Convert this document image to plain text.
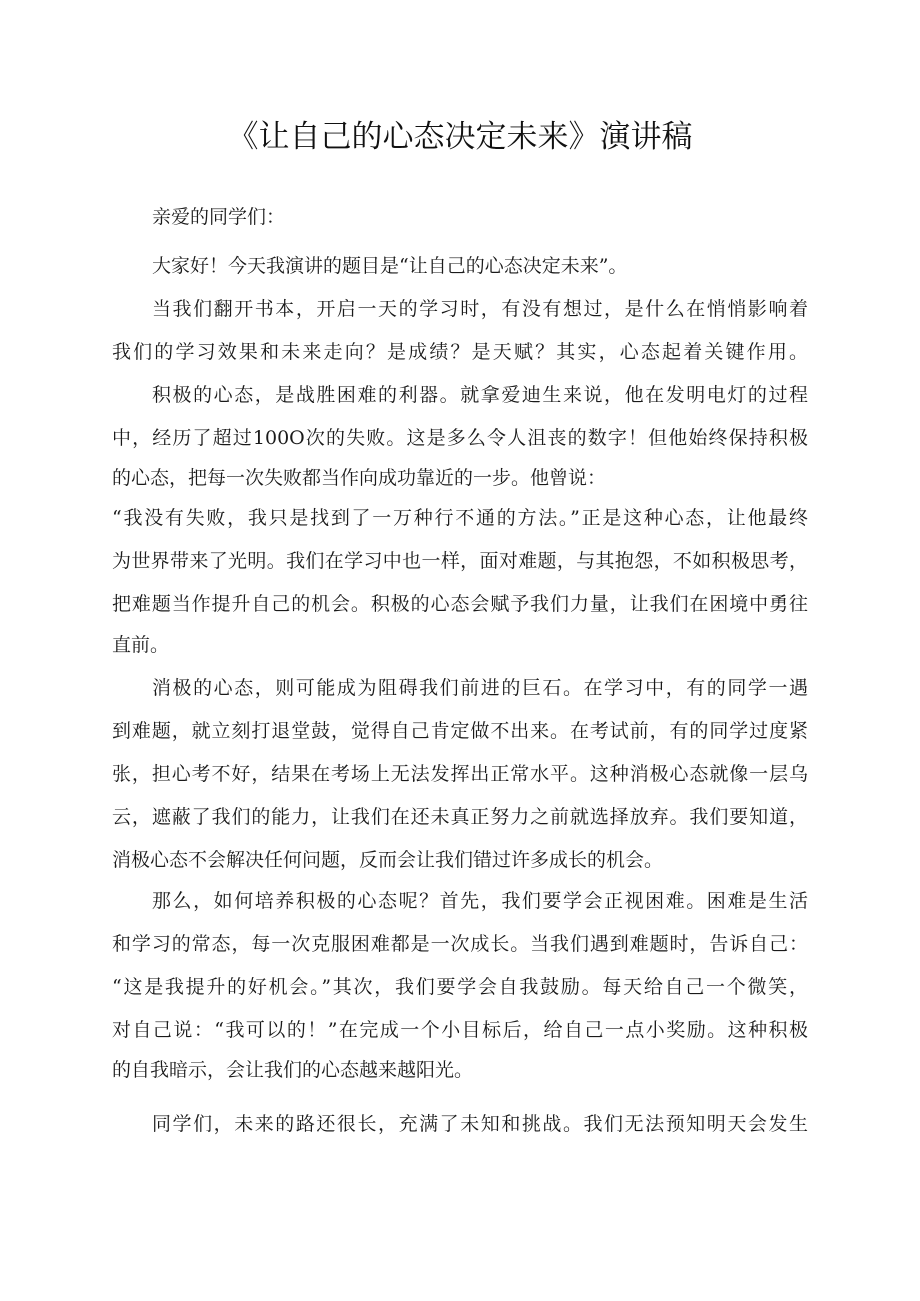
《让自己的心态决定未来》演讲稿
亲爱的同学们：
大家好！今天我演讲的题目是“让自己的心态决定未来”。
当我们翻开书本，开启一天的学习时，有没有想过，是什么在悄悄影响着
我们的学习效果和未来走向？是成绩？是天赋？其实，心态起着关键作用。
积极的心态，是战胜困难的利器。就拿爱迪生来说，他在发明电灯的过程
中，经历了超过100O次的失败。这是多么令人沮丧的数字！但他始终保持积极
的心态，把每一次失败都当作向成功靠近的一步。他曾说：
“我没有失败，我只是找到了一万种行不通的方法。”正是这种心态，让他最终
为世界带来了光明。我们在学习中也一样，面对难题，与其抱怨，不如积极思考，
把难题当作提升自己的机会。积极的心态会赋予我们力量，让我们在困境中勇往
直前。
消极的心态，则可能成为阻碍我们前进的巨石。在学习中，有的同学一遇
到难题，就立刻打退堂鼓，觉得自己肯定做不出来。在考试前，有的同学过度紧
张，担心考不好，结果在考场上无法发挥出正常水平。这种消极心态就像一层乌
云，遮蔽了我们的能力，让我们在还未真正努力之前就选择放弃。我们要知道，
消极心态不会解决任何问题，反而会让我们错过许多成长的机会。
那么，如何培养积极的心态呢？首先，我们要学会正视困难。困难是生活
和学习的常态，每一次克服困难都是一次成长。当我们遇到难题时，告诉自己：
“这是我提升的好机会。”其次，我们要学会自我鼓励。每天给自己一个微笑，
对自己说：“我可以的！”在完成一个小目标后，给自己一点小奖励。这种积极
的自我暗示，会让我们的心态越来越阳光。
同学们，未来的路还很长，充满了未知和挑战。我们无法预知明天会发生
